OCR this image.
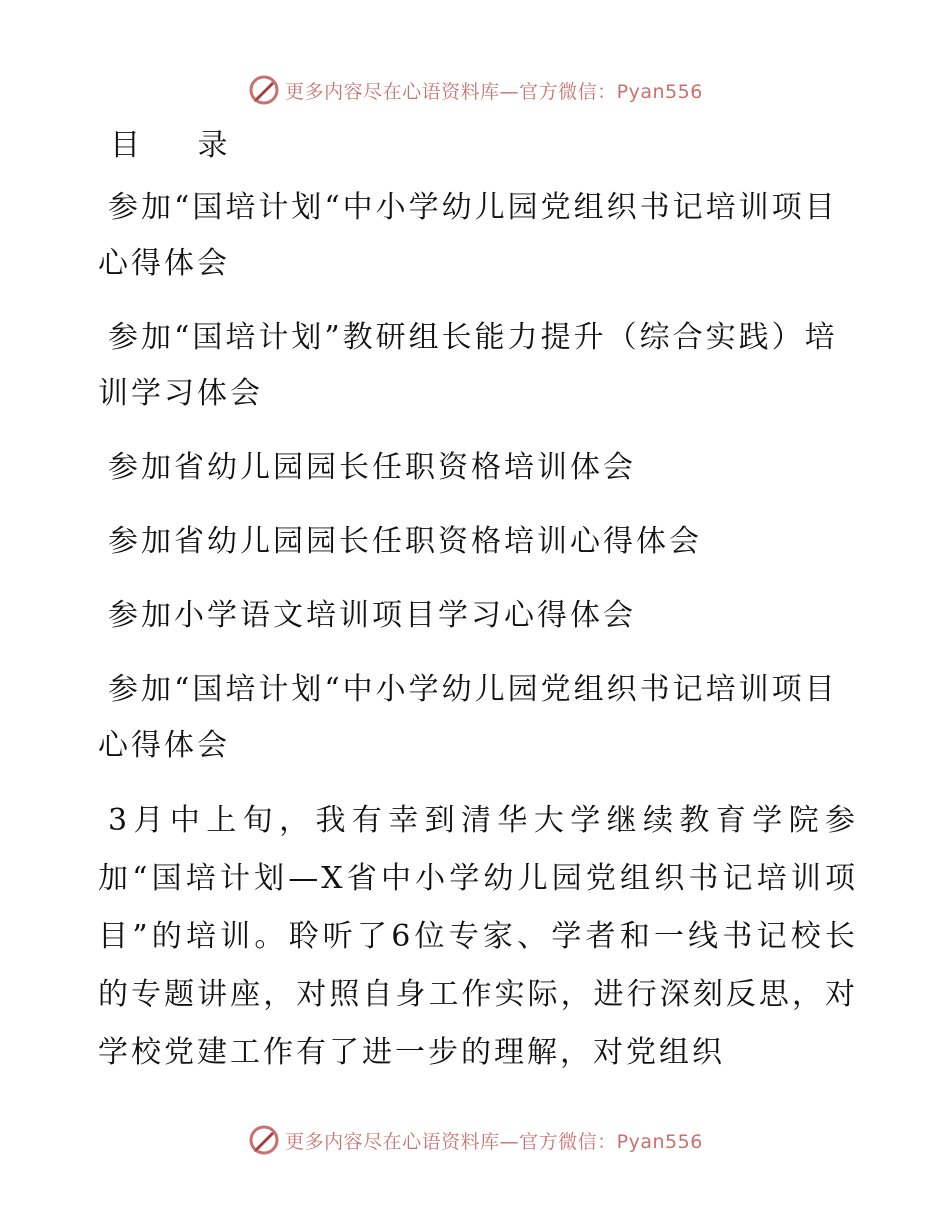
更多内容尽在心语资料库—官方微信：Pyan556
目 录
参加“国培计划“中小学幼儿园党组织书记培训项目心得体会
参加“国培计划”教研组长能力提升（综合实践）培训学习体会
参加省幼儿园园长任职资格培训体会
参加省幼儿园园长任职资格培训心得体会
参加小学语文培训项目学习心得体会
参加“国培计划“中小学幼儿园党组织书记培训项目心得体会

3月中上旬，我有幸到清华大学继续教育学院参加“国培计划—X省中小学幼儿园党组织书记培训项目”的培训。聆听了6位专家、学者和一线书记校长的专题讲座，对照自身工作实际，进行深刻反思，对学校党建工作有了进一步的理解，对党组织

更多内容尽在心语资料库—官方微信：Pyan556
